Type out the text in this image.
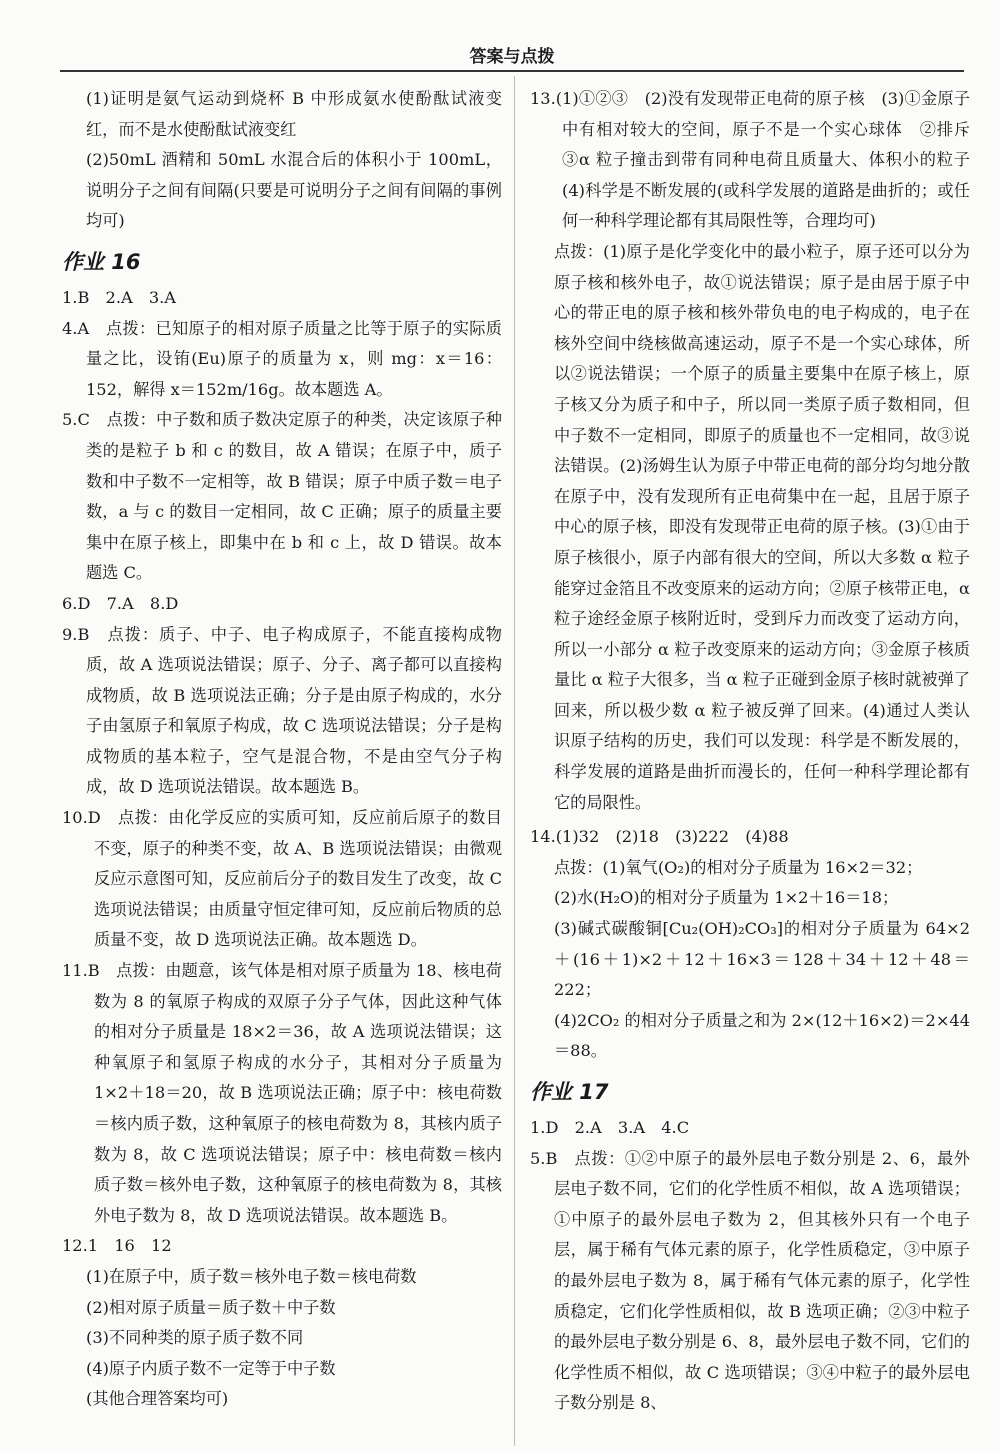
答案与点拨

(1)证明是氨气运动到烧杯 B 中形成氨水使酚酞试液变红，而不是水使酚酞试液变红

(2)50mL 酒精和 50mL 水混合后的体积小于 100mL，说明分子之间有间隔(只要是可说明分子之间有间隔的事例均可)

作业 16

1.B　2.A　3.A

4.A　点拨：已知原子的相对原子质量之比等于原子的实际质量之比，设铕(Eu)原子的质量为 x，则 mg：x＝16：152，解得 x＝152m/16g。故本题选 A。

5.C　点拨：中子数和质子数决定原子的种类，决定该原子种类的是粒子 b 和 c 的数目，故 A 错误；在原子中，质子数和中子数不一定相等，故 B 错误；原子中质子数＝电子数，a 与 c 的数目一定相同，故 C 正确；原子的质量主要集中在原子核上，即集中在 b 和 c 上，故 D 错误。故本题选 C。

6.D　7.A　8.D

9.B　点拨：质子、中子、电子构成原子，不能直接构成物质，故 A 选项说法错误；原子、分子、离子都可以直接构成物质，故 B 选项说法正确；分子是由原子构成的，水分子由氢原子和氧原子构成，故 C 选项说法错误；分子是构成物质的基本粒子，空气是混合物，不是由空气分子构成，故 D 选项说法错误。故本题选 B。

10.D　点拨：由化学反应的实质可知，反应前后原子的数目不变，原子的种类不变，故 A、B 选项说法错误；由微观反应示意图可知，反应前后分子的数目发生了改变，故 C 选项说法错误；由质量守恒定律可知，反应前后物质的总质量不变，故 D 选项说法正确。故本题选 D。

11.B　点拨：由题意，该气体是相对原子质量为 18、核电荷数为 8 的氧原子构成的双原子分子气体，因此这种气体的相对分子质量是 18×2＝36，故 A 选项说法错误；这种氧原子和氢原子构成的水分子，其相对分子质量为 1×2＋18＝20，故 B 选项说法正确；原子中：核电荷数＝核内质子数，这种氧原子的核电荷数为 8，其核内质子数为 8，故 C 选项说法错误；原子中：核电荷数＝核内质子数＝核外电子数，这种氧原子的核电荷数为 8，其核外电子数为 8，故 D 选项说法错误。故本题选 B。

12.1　16　12

(1)在原子中，质子数＝核外电子数＝核电荷数

(2)相对原子质量＝质子数＋中子数

(3)不同种类的原子质子数不同

(4)原子内质子数不一定等于中子数

(其他合理答案均可)

13.(1)①②③　(2)没有发现带正电荷的原子核　(3)①金原子中有相对较大的空间，原子不是一个实心球体　②排斥　③α 粒子撞击到带有同种电荷且质量大、体积小的粒子　(4)科学是不断发展的(或科学发展的道路是曲折的；或任何一种科学理论都有其局限性等，合理均可)

点拨：(1)原子是化学变化中的最小粒子，原子还可以分为原子核和核外电子，故①说法错误；原子是由居于原子中心的带正电的原子核和核外带负电的电子构成的，电子在核外空间中绕核做高速运动，原子不是一个实心球体，所以②说法错误；一个原子的质量主要集中在原子核上，原子核又分为质子和中子，所以同一类原子质子数相同，但中子数不一定相同，即原子的质量也不一定相同，故③说法错误。(2)汤姆生认为原子中带正电荷的部分均匀地分散在原子中，没有发现所有正电荷集中在一起，且居于原子中心的原子核，即没有发现带正电荷的原子核。(3)①由于原子核很小，原子内部有很大的空间，所以大多数 α 粒子能穿过金箔且不改变原来的运动方向；②原子核带正电，α 粒子途经金原子核附近时，受到斥力而改变了运动方向，所以一小部分 α 粒子改变原来的运动方向；③金原子核质量比 α 粒子大很多，当 α 粒子正碰到金原子核时就被弹了回来，所以极少数 α 粒子被反弹了回来。(4)通过人类认识原子结构的历史，我们可以发现：科学是不断发展的，科学发展的道路是曲折而漫长的，任何一种科学理论都有它的局限性。

14.(1)32　(2)18　(3)222　(4)88

点拨：(1)氧气(O₂)的相对分子质量为 16×2＝32；

(2)水(H₂O)的相对分子质量为 1×2＋16＝18；

(3)碱式碳酸铜[Cu₂(OH)₂CO₃]的相对分子质量为 64×2＋(16＋1)×2＋12＋16×3＝128＋34＋12＋48＝222；

(4)2CO₂ 的相对分子质量之和为 2×(12＋16×2)＝2×44＝88。

作业 17

1.D　2.A　3.A　4.C

5.B　点拨：①②中原子的最外层电子数分别是 2、6，最外层电子数不同，它们的化学性质不相似，故 A 选项错误；①中原子的最外层电子数为 2，但其核外只有一个电子层，属于稀有气体元素的原子，化学性质稳定，③中原子的最外层电子数为 8，属于稀有气体元素的原子，化学性质稳定，它们化学性质相似，故 B 选项正确；②③中粒子的最外层电子数分别是 6、8，最外层电子数不同，它们的化学性质不相似，故 C 选项错误；③④中粒子的最外层电子数分别是 8、
